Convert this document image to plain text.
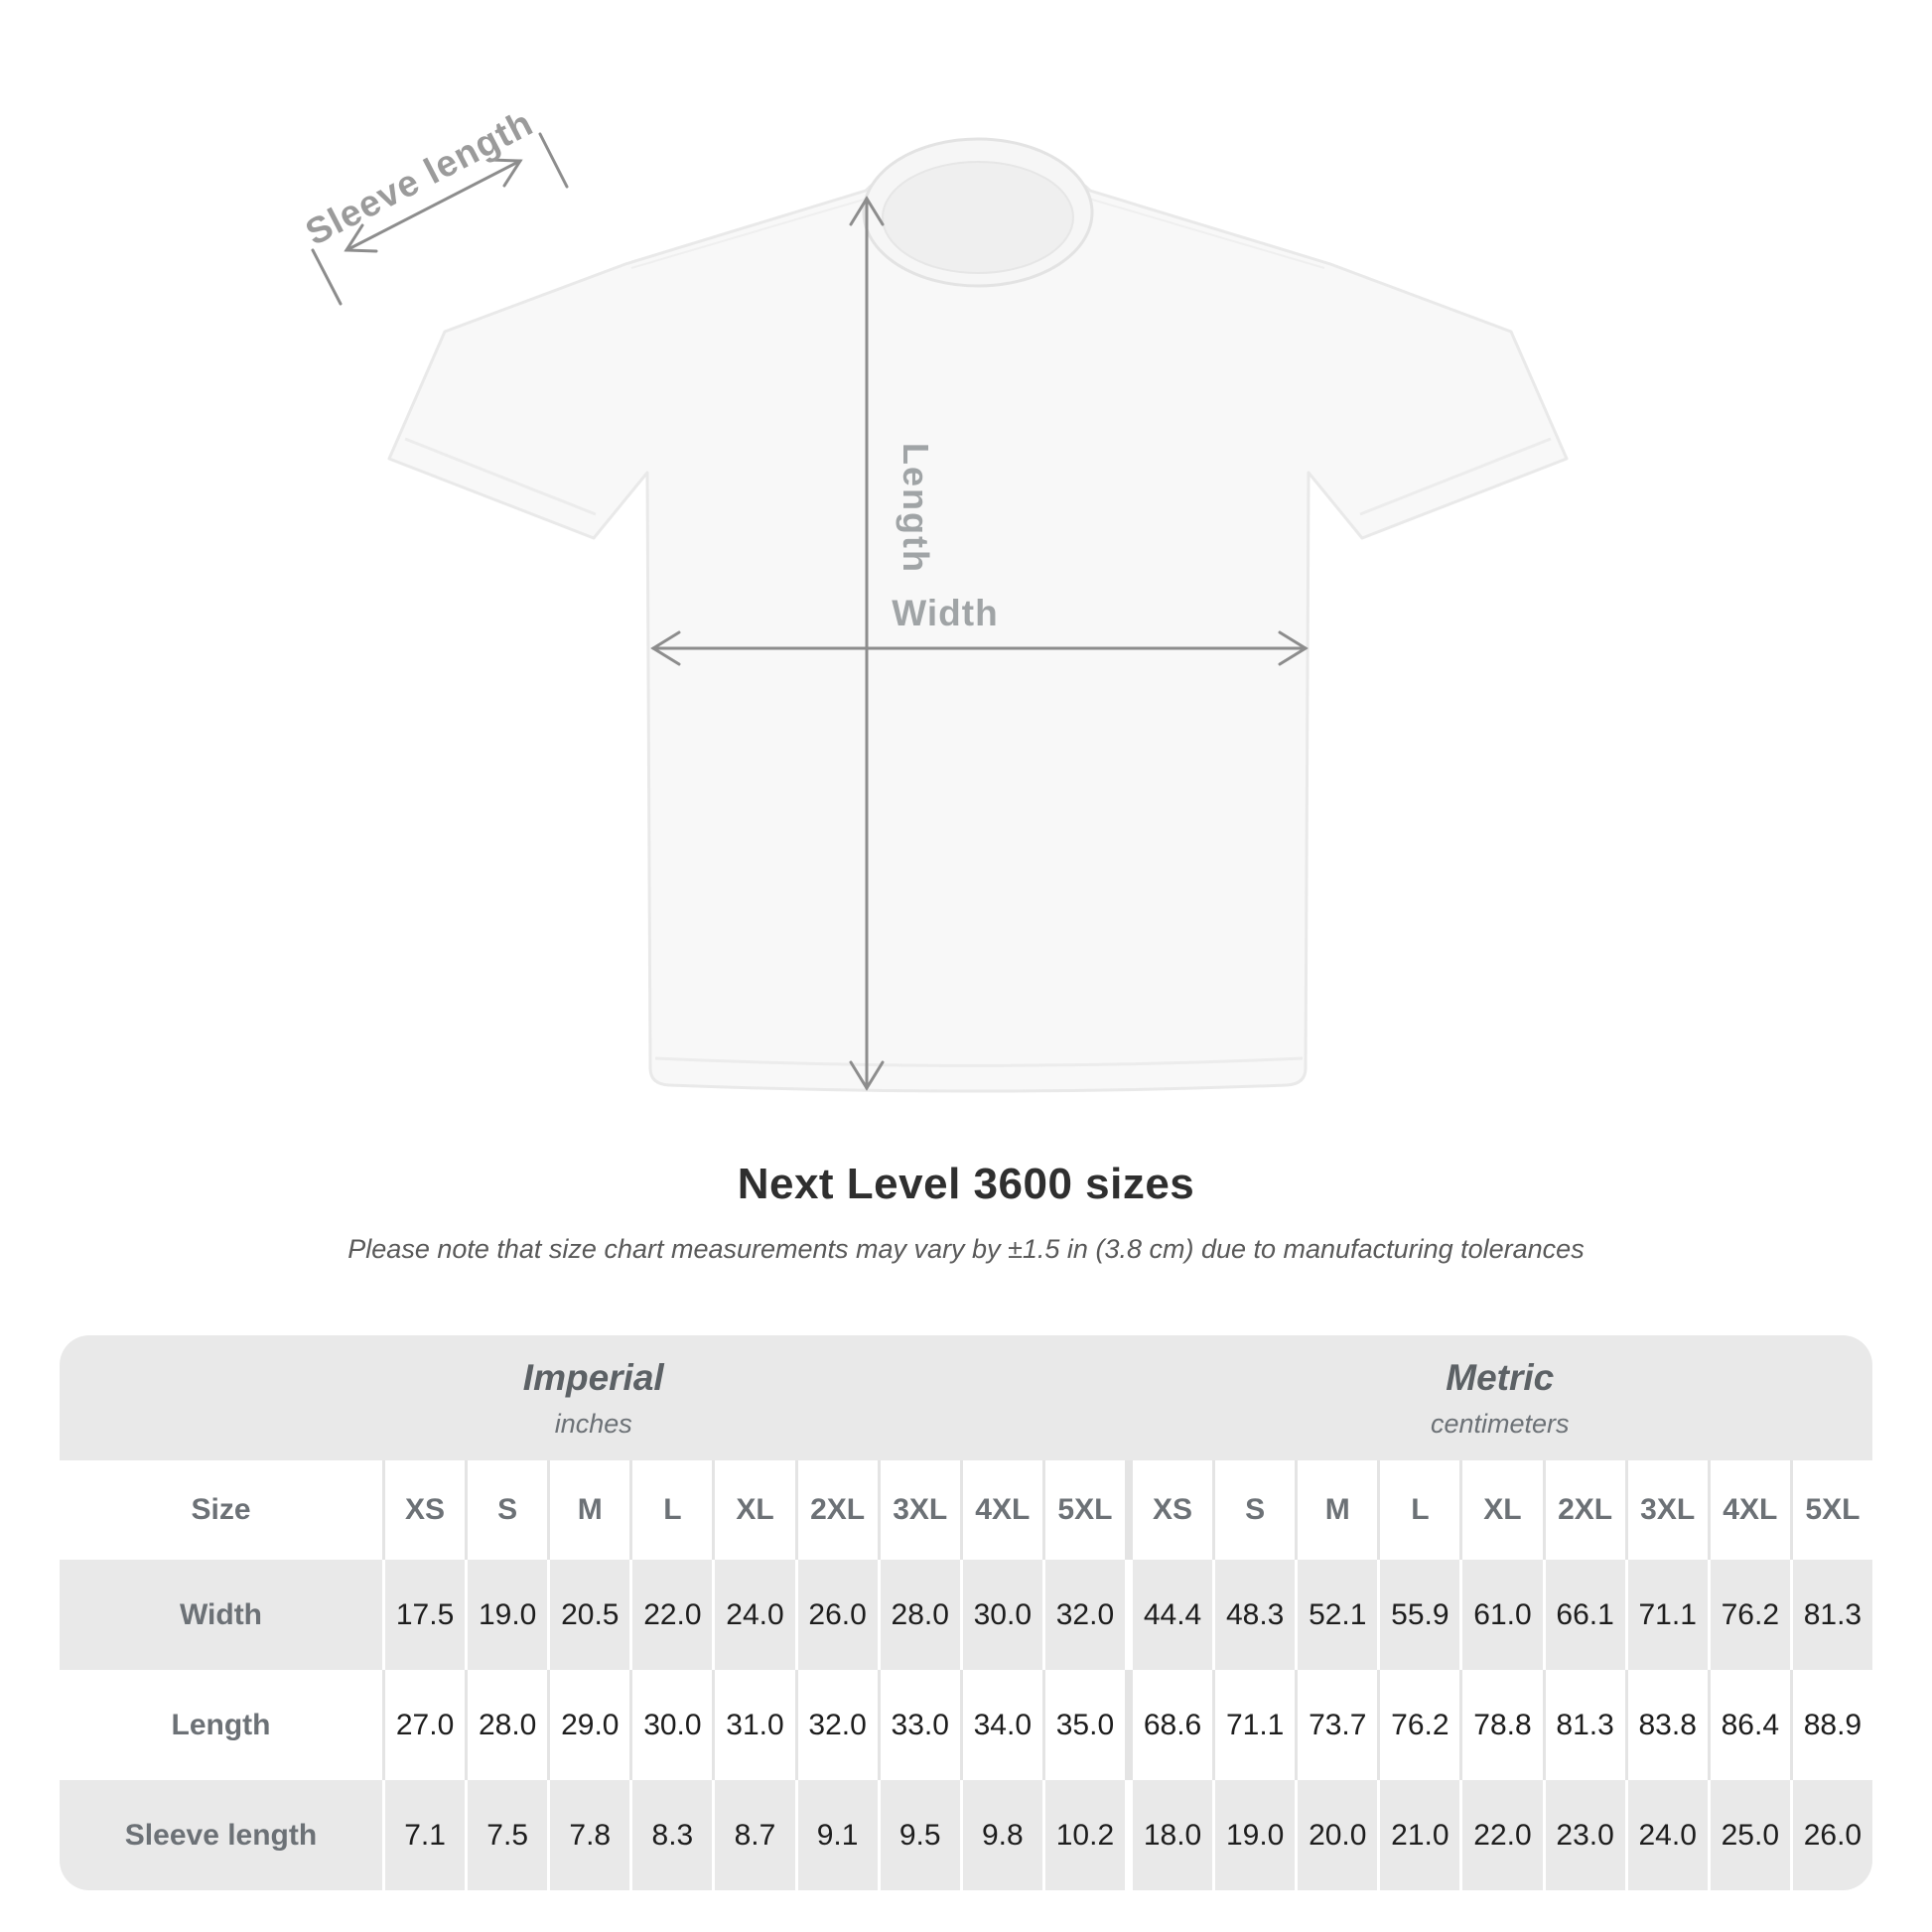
Sleeve length
Length
Width
Next Level 3600 sizes
Please note that size chart measurements may vary by ±1.5 in (3.8 cm) due to manufacturing tolerances
Imperial
inches
Metric
centimeters
Size	XS	S	M	L	XL	2XL 3XL 4XL 5XL	XS	S	M	L	XL	2XL 3XL 4XL 5XL
Width	17.5 19.0 20.5 22.0 24.0 26.0 28.0 30.0 32.0 44.4 48.3 52.1 55.9 61.0 66.1 71.1 76.2 81.3
Length	27.0 28.0 29.0 30.0 31.0 32.0 33.0 34.0 35.0 68.6 71.1 73.7 76.2 78.8 81.3 83.8 86.4 88.9
Sleeve length	7.1	7.5	7.8	8.3	8.7	9.1	9.5	9.8	10.2 18.0 19.0 20.0 21.0 22.0 23.0 24.0 25.0 26.0
